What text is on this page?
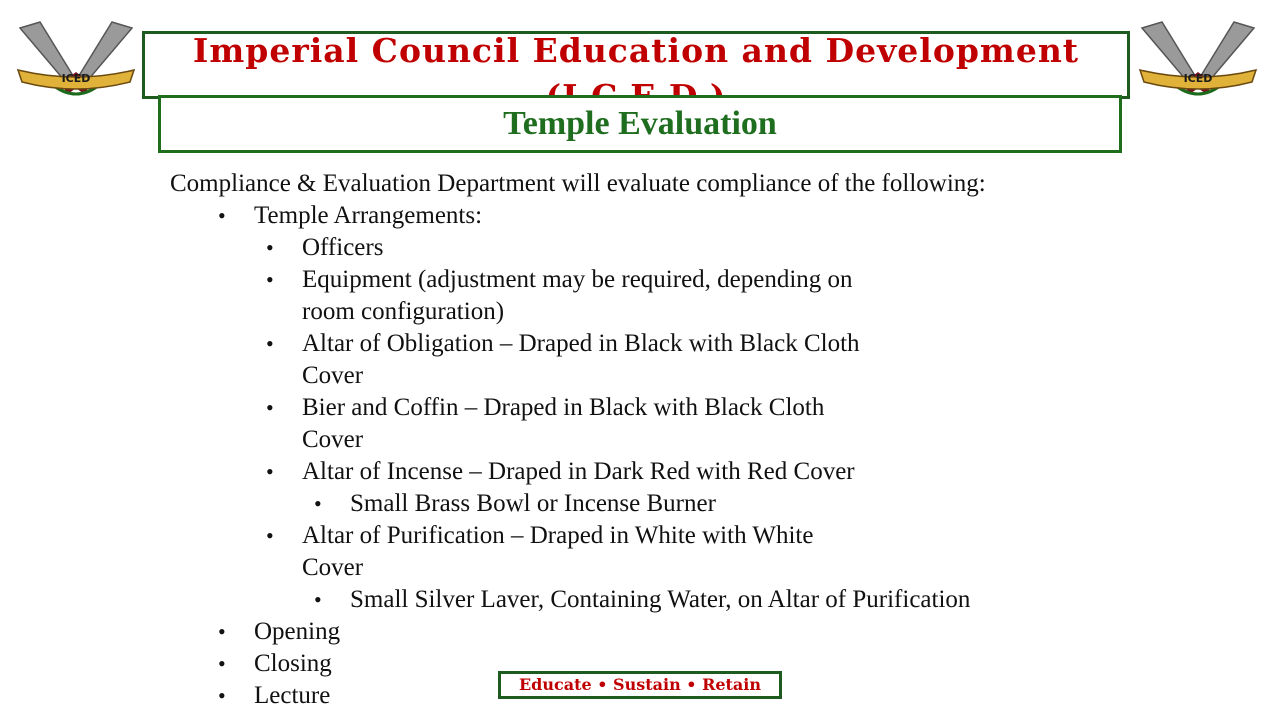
ICED	ICED
Imperial Council Education and Development
Temple Evaluation

Compliance & Evaluation Department will evaluate compliance of the following:

• Temple Arrangements:
• Officers
• Equipment (adjustment may be required, depending on room configuration)
• Altar of Obligation – Draped in Black with Black Cloth Cover
• Bier and Coffin – Draped in Black with Black Cloth Cover
• Altar of Incense – Draped in Dark Red with Red Cover
• Small Brass Bowl or Incense Burner
• Altar of Purification – Draped in White with White Cover
• Small Silver Laver, Containing Water, on Altar of Purification
• Opening
• Closing
• Lecture	Educate • Sustain • Retain
